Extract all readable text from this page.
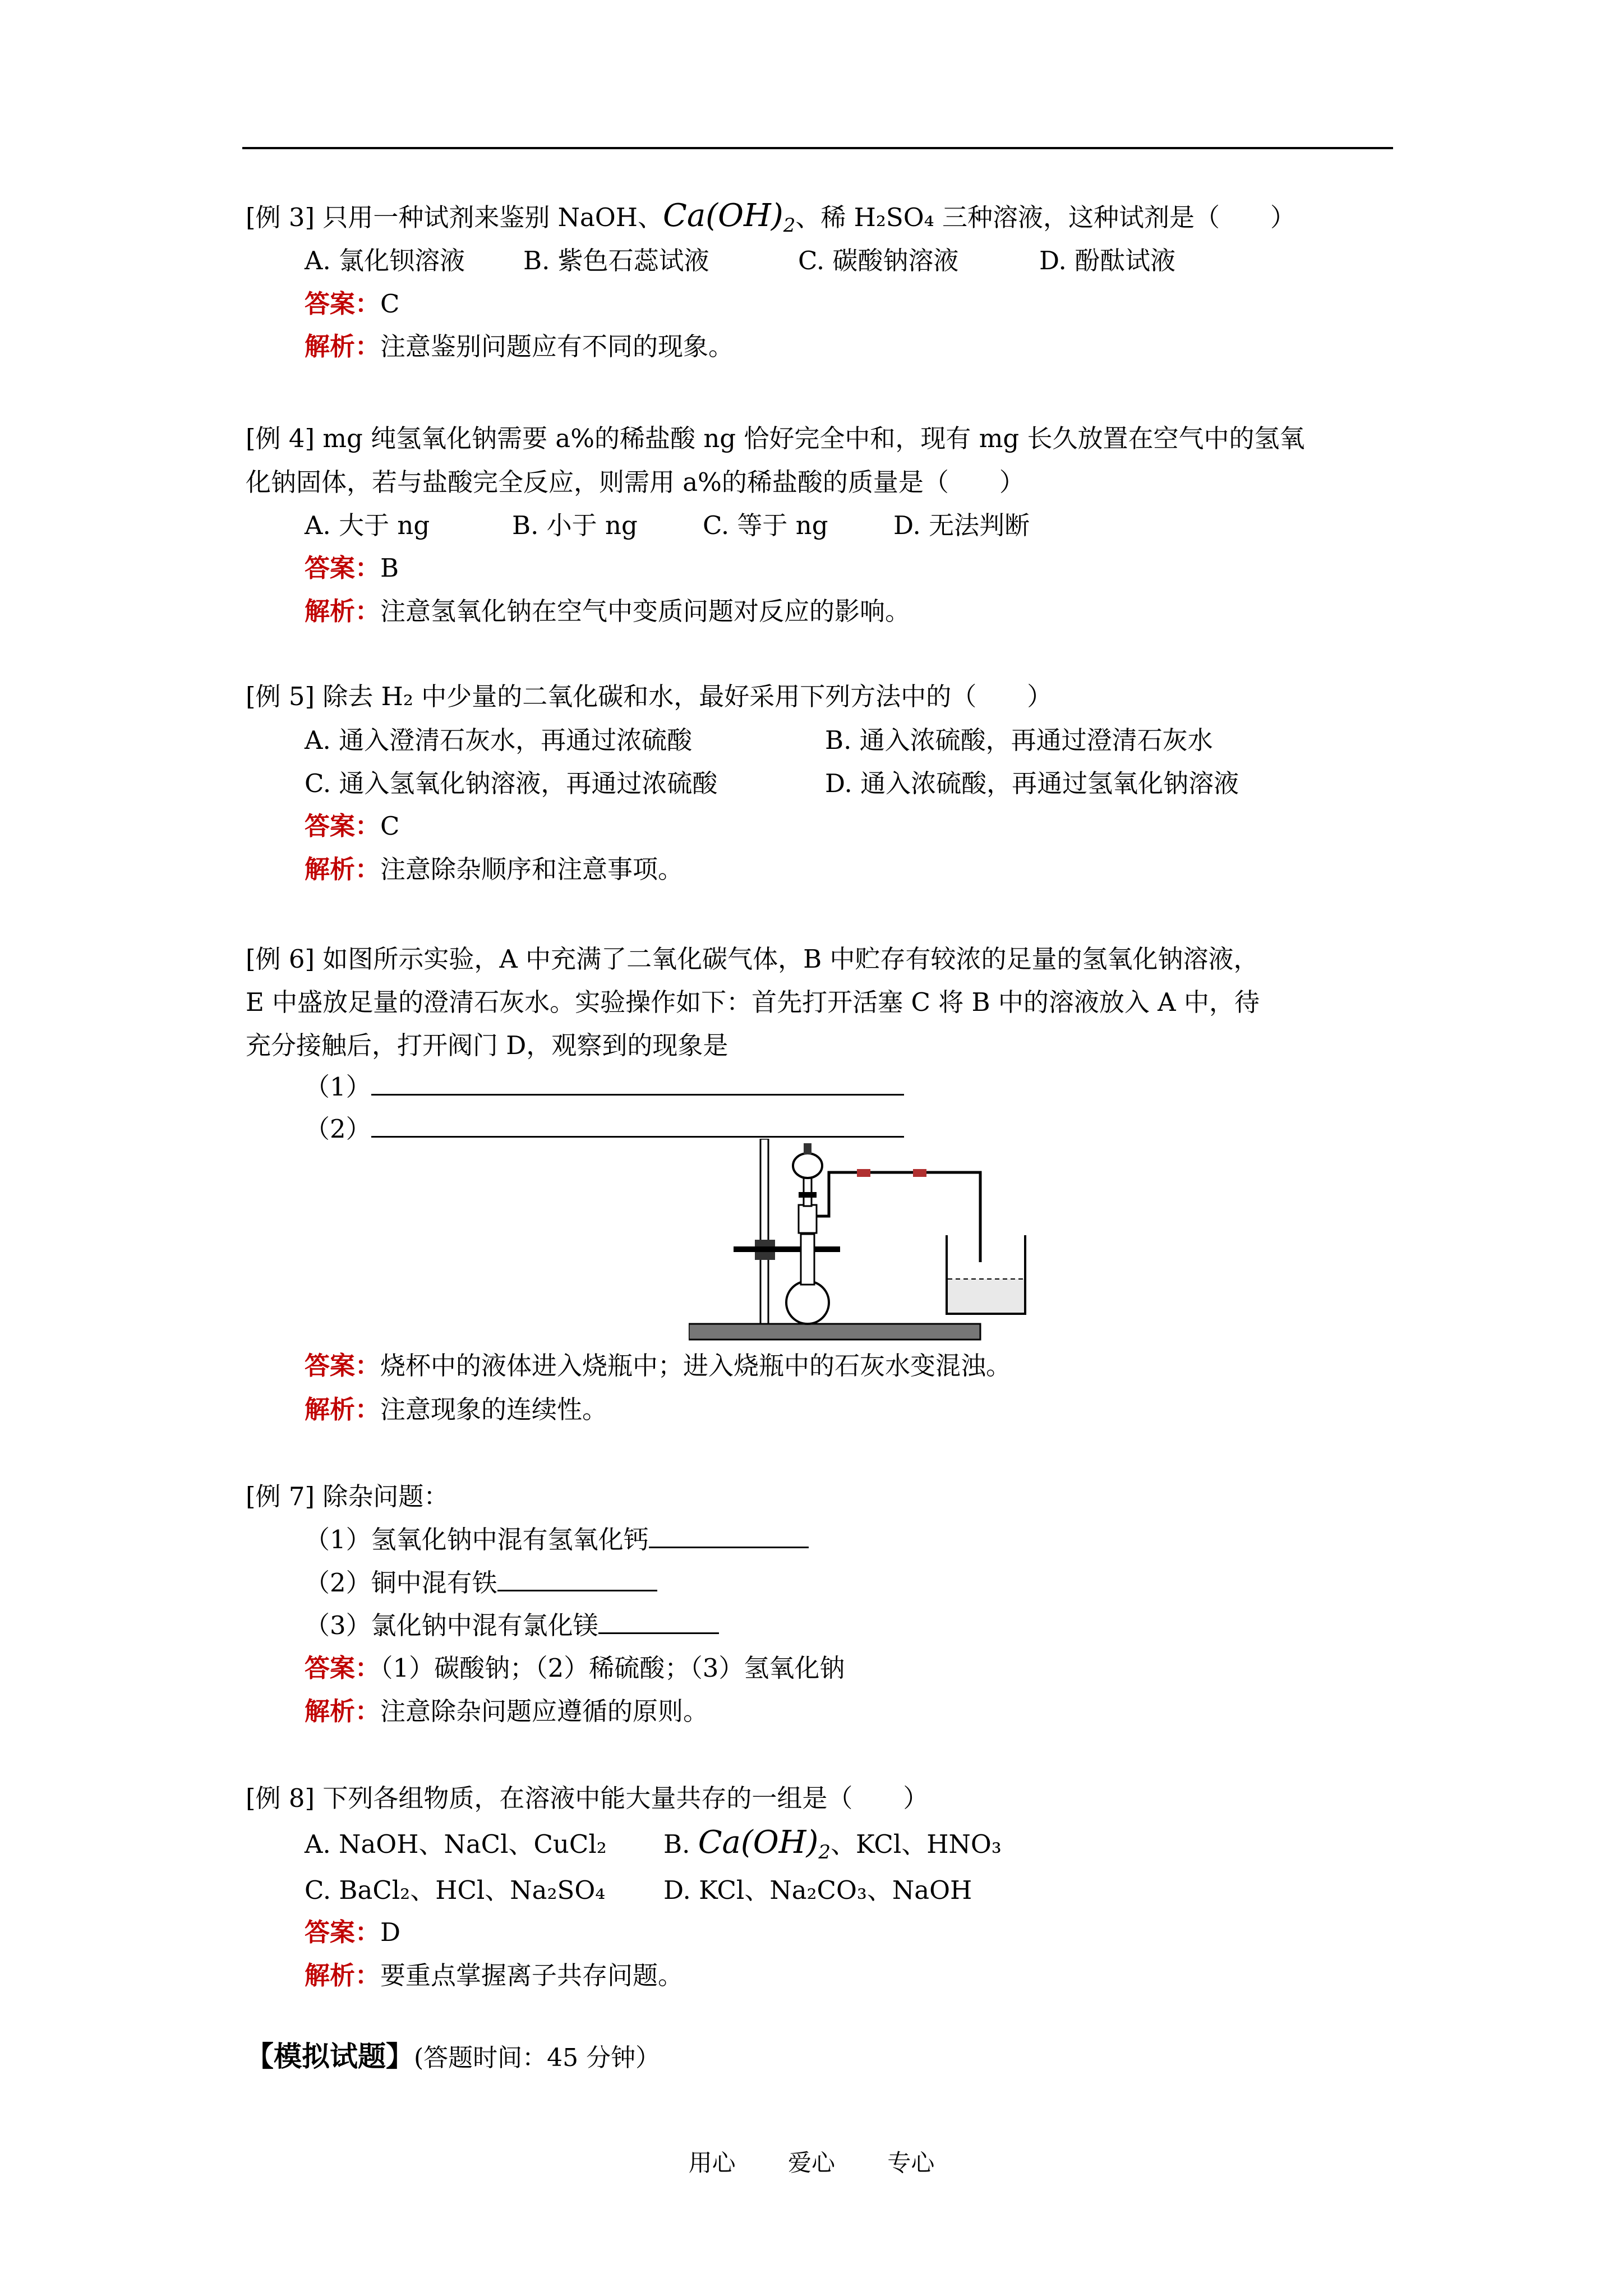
[例 3] 只用一种试剂来鉴别 NaOH、$Ca(OH)_2$、稀 H₂SO₄ 三种溶液，这种试剂是（　　）
A. 氯化钡溶液 B. 紫色石蕊试液	C. 碳酸钠溶液	D. 酚酞试液
答案：C
解析：注意鉴别问题应有不同的现象。
[例 4] mg 纯氢氧化钠需要 a%的稀盐酸 ng 恰好完全中和，现有 mg 长久放置在空气中的氢氧
化钠固体，若与盐酸完全反应，则需用 a%的稀盐酸的质量是（　　）
A. 大于 ng	B. 小于 ng	C. 等于 ng	D. 无法判断
答案：B
解析：注意氢氧化钠在空气中变质问题对反应的影响。
[例 5] 除去 H₂ 中少量的二氧化碳和水，最好采用下列方法中的（　　）
A. 通入澄清石灰水，再通过浓硫酸	B. 通入浓硫酸，再通过澄清石灰水
C. 通入氢氧化钠溶液，再通过浓硫酸	D. 通入浓硫酸，再通过氢氧化钠溶液
答案：C
解析：注意除杂顺序和注意事项。
[例 6] 如图所示实验，A 中充满了二氧化碳气体，B 中贮存有较浓的足量的氢氧化钠溶液，
E 中盛放足量的澄清石灰水。实验操作如下：首先打开活塞 C 将 B 中的溶液放入 A 中，待
充分接触后，打开阀门 D，观察到的现象是
（1）
（2）
答案：烧杯中的液体进入烧瓶中；进入烧瓶中的石灰水变混浊。
解析：注意现象的连续性。
[例 7] 除杂问题：
（1）氢氧化钠中混有氢氧化钙
（2）铜中混有铁
（3）氯化钠中混有氯化镁
答案：（1）碳酸钠；（2）稀硫酸；（3）氢氧化钠
解析：注意除杂问题应遵循的原则。
[例 8] 下列各组物质，在溶液中能大量共存的一组是（　　）
A. NaOH、NaCl、CuCl₂ B. $Ca(OH)_2$、KCl、HNO₃
C. BaCl₂、HCl、Na₂SO₄ D. KCl、Na₂CO₃、NaOH
答案：D
解析：要重点掌握离子共存问题。
【模拟试题】(答题时间：45 分钟）
用心 爱心 专心
